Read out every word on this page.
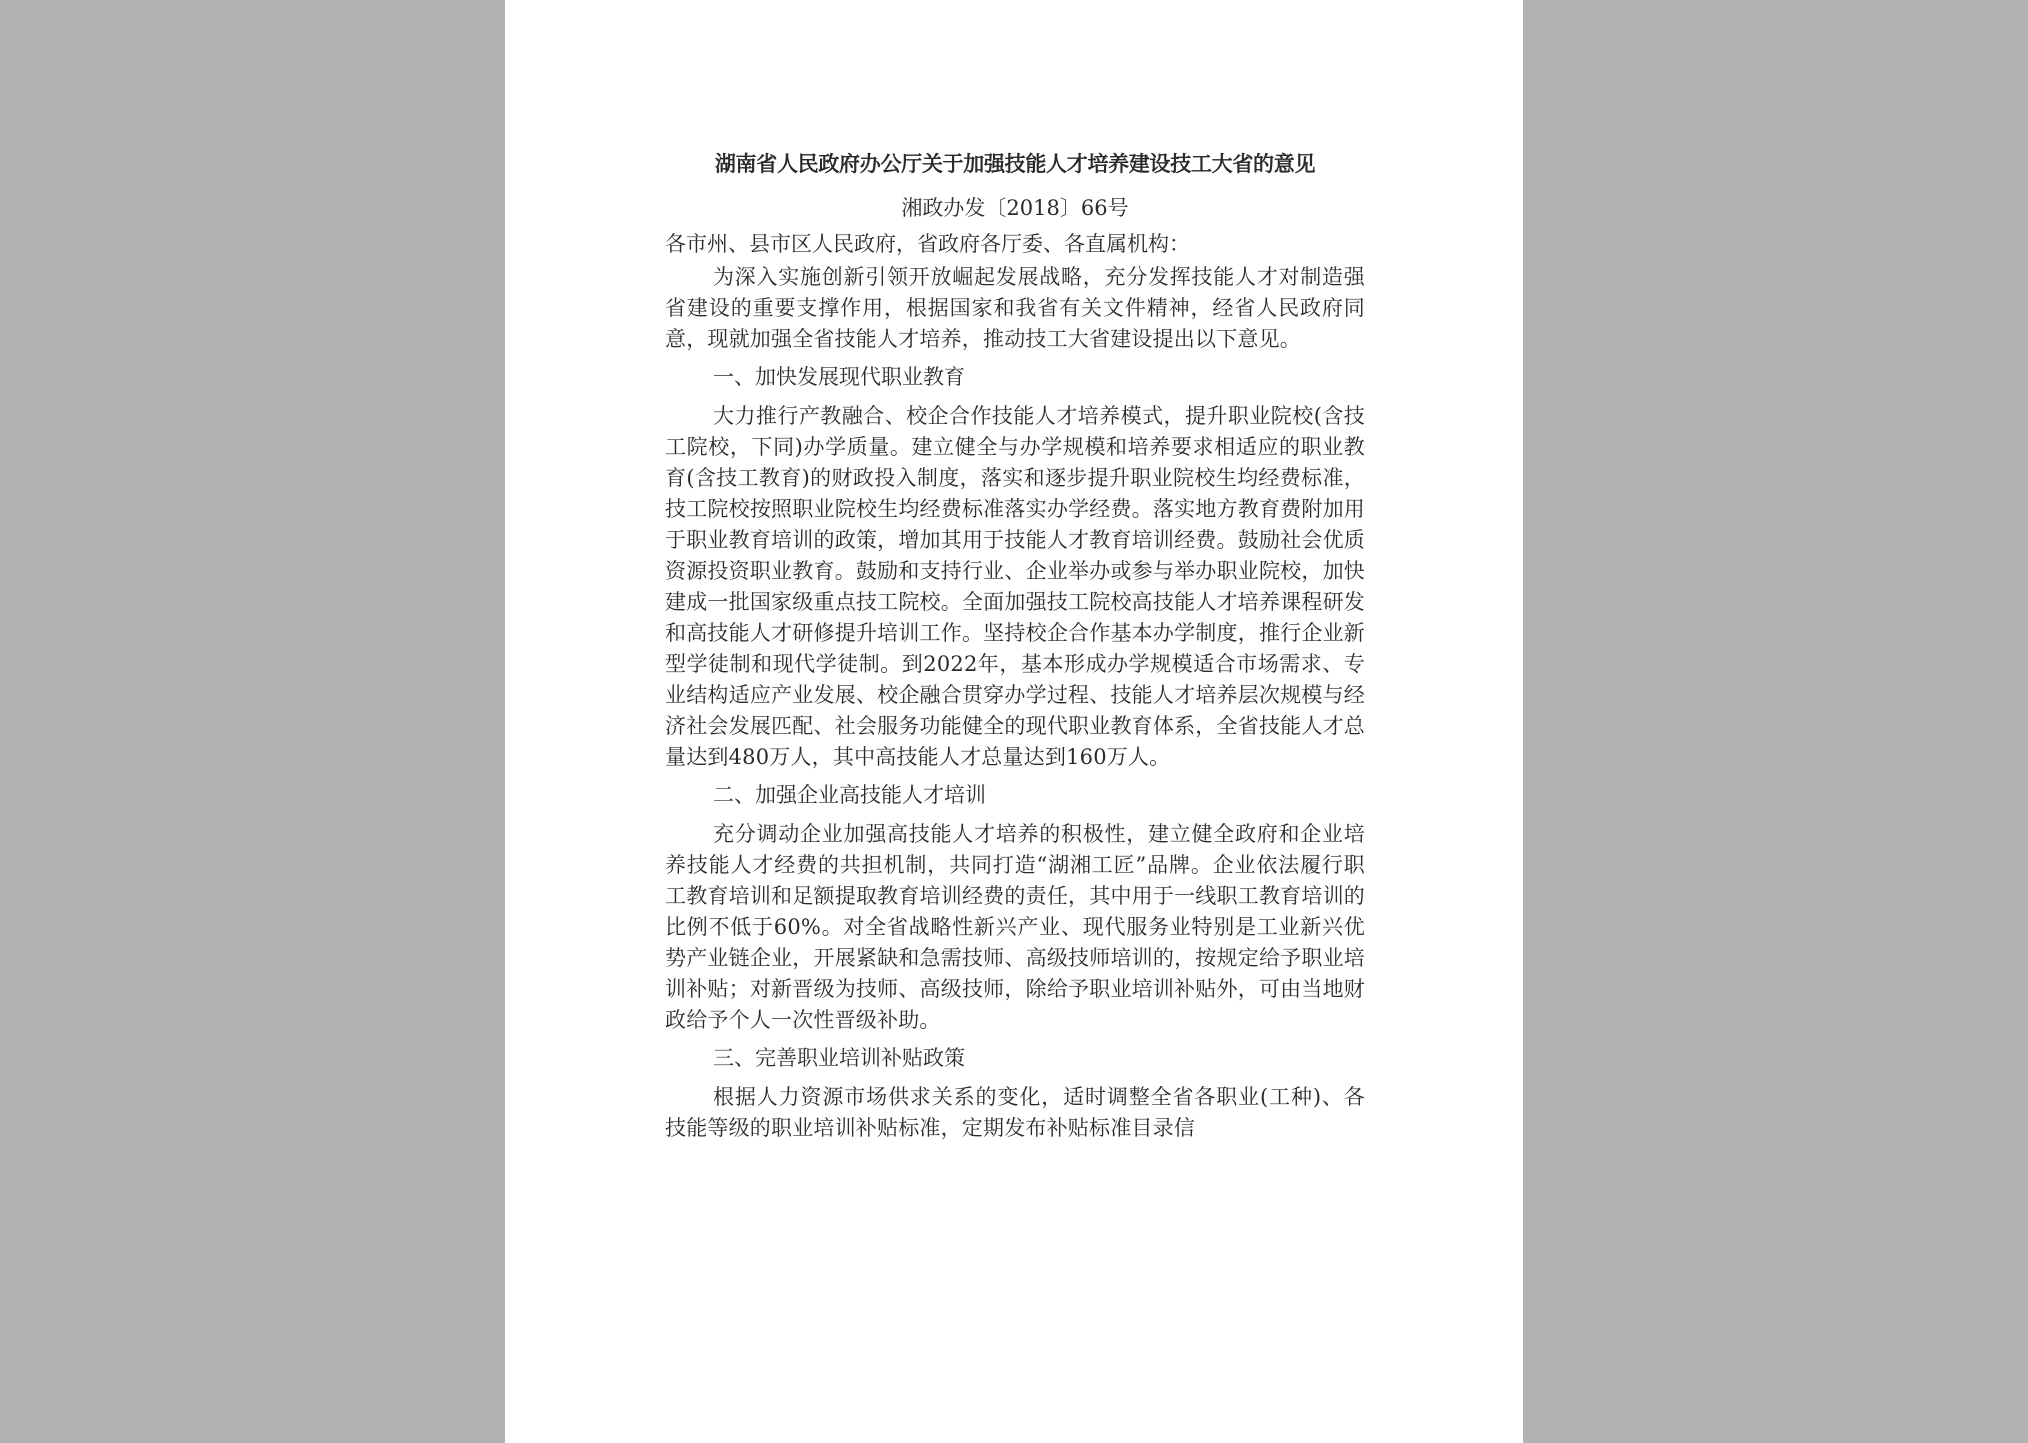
湖南省人民政府办公厅关于加强技能人才培养建设技工大省的意见
湘政办发〔2018〕66号
各市州、县市区人民政府，省政府各厅委、各直属机构：

为深入实施创新引领开放崛起发展战略，充分发挥技能人才对制造强省建设的重要支撑作用，根据国家和我省有关文件精神，经省人民政府同意，现就加强全省技能人才培养，推动技工大省建设提出以下意见。

一、加快发展现代职业教育

大力推行产教融合、校企合作技能人才培养模式，提升职业院校(含技工院校，下同)办学质量。建立健全与办学规模和培养要求相适应的职业教育(含技工教育)的财政投入制度，落实和逐步提升职业院校生均经费标准，技工院校按照职业院校生均经费标准落实办学经费。落实地方教育费附加用于职业教育培训的政策，增加其用于技能人才教育培训经费。鼓励社会优质资源投资职业教育。鼓励和支持行业、企业举办或参与举办职业院校，加快建成一批国家级重点技工院校。全面加强技工院校高技能人才培养课程研发和高技能人才研修提升培训工作。坚持校企合作基本办学制度，推行企业新型学徒制和现代学徒制。到2022年，基本形成办学规模适合市场需求、专业结构适应产业发展、校企融合贯穿办学过程、技能人才培养层次规模与经济社会发展匹配、社会服务功能健全的现代职业教育体系，全省技能人才总量达到480万人，其中高技能人才总量达到160万人。

二、加强企业高技能人才培训

充分调动企业加强高技能人才培养的积极性，建立健全政府和企业培养技能人才经费的共担机制，共同打造“湖湘工匠”品牌。企业依法履行职工教育培训和足额提取教育培训经费的责任，其中用于一线职工教育培训的比例不低于60%。对全省战略性新兴产业、现代服务业特别是工业新兴优势产业链企业，开展紧缺和急需技师、高级技师培训的，按规定给予职业培训补贴；对新晋级为技师、高级技师，除给予职业培训补贴外，可由当地财政给予个人一次性晋级补助。

三、完善职业培训补贴政策

根据人力资源市场供求关系的变化，适时调整全省各职业(工种)、各技能等级的职业培训补贴标准，定期发布补贴标准目录信
